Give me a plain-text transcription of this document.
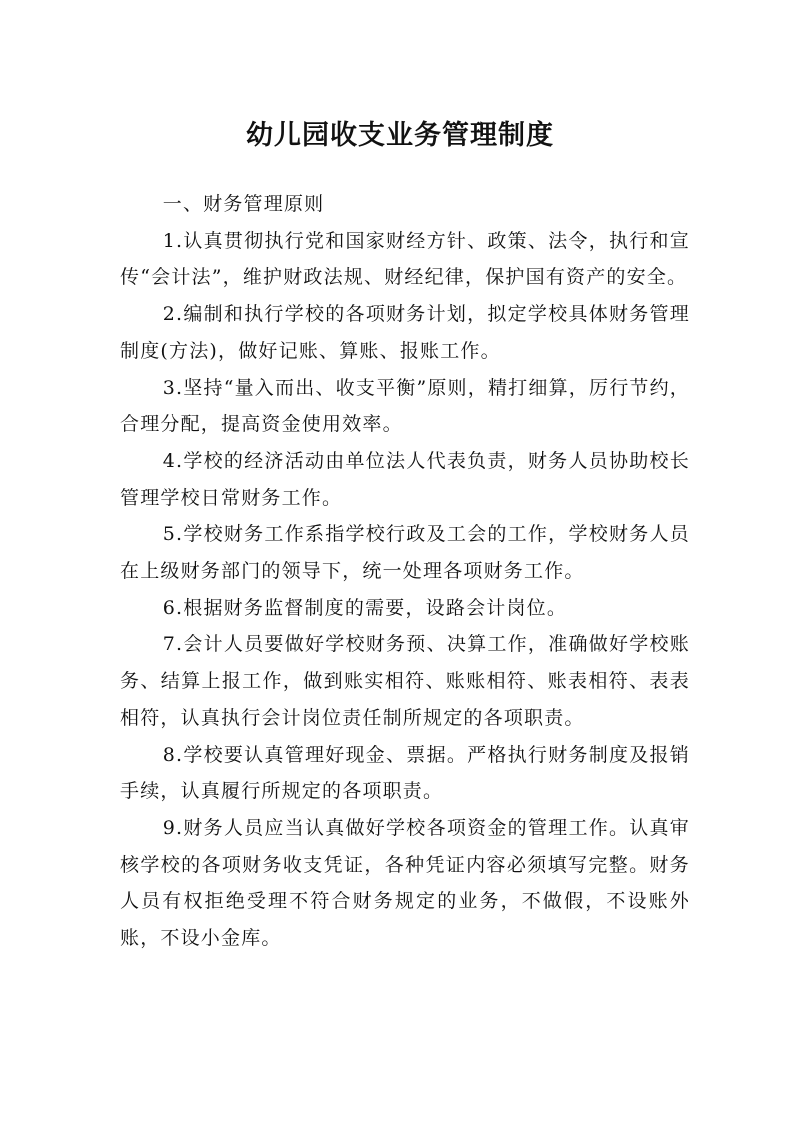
幼儿园收支业务管理制度

一、财务管理原则

1.认真贯彻执行党和国家财经方针、政策、法令，执行和宣传“会计法”，维护财政法规、财经纪律，保护国有资产的安全。

2.编制和执行学校的各项财务计划，拟定学校具体财务管理制度(方法)，做好记账、算账、报账工作。

3.坚持“量入而出、收支平衡”原则，精打细算，厉行节约，合理分配，提高资金使用效率。

4.学校的经济活动由单位法人代表负责，财务人员协助校长管理学校日常财务工作。

5.学校财务工作系指学校行政及工会的工作，学校财务人员在上级财务部门的领导下，统一处理各项财务工作。

6.根据财务监督制度的需要，设路会计岗位。

7.会计人员要做好学校财务预、决算工作，准确做好学校账务、结算上报工作，做到账实相符、账账相符、账表相符、表表相符，认真执行会计岗位责任制所规定的各项职责。

8.学校要认真管理好现金、票据。严格执行财务制度及报销手续，认真履行所规定的各项职责。

9.财务人员应当认真做好学校各项资金的管理工作。认真审核学校的各项财务收支凭证，各种凭证内容必须填写完整。财务人员有权拒绝受理不符合财务规定的业务，不做假，不设账外账，不设小金库。
